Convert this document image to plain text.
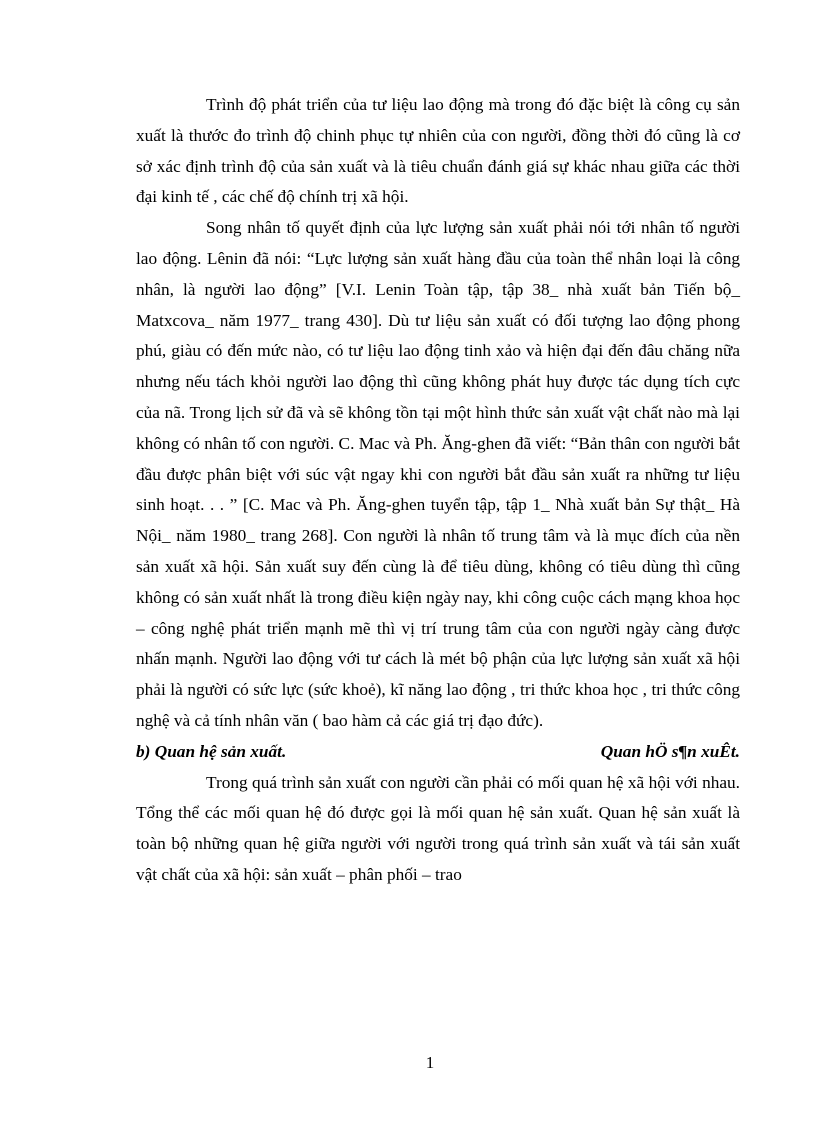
Trình độ phát triển của tư liệu lao động mà trong đó đặc biệt là công cụ sản xuất là thước đo trình độ chinh phục tự nhiên của con người, đồng thời đó cũng là cơ sở xác định trình độ của sản xuất và là tiêu chuẩn đánh giá sự khác nhau giữa các thời đại kinh tế , các chế độ chính trị xã hội.

Song nhân tố quyết định của lực lượng sản xuất phải nói tới nhân tố người lao động. Lênin đã nói: “Lực lượng sản xuất hàng đầu của toàn thể nhân loại là công nhân, là người lao động” [V.I. Lenin Toàn tập, tập 38_ nhà xuất bản Tiến bộ_ Matxcova_ năm 1977_ trang 430]. Dù tư liệu sản xuất có đối tượng lao động phong phú, giàu có đến mức nào, có tư liệu lao động tinh xảo và hiện đại đến đâu chăng nữa nhưng nếu tách khỏi người lao động thì cũng không phát huy được tác dụng tích cực của nã. Trong lịch sử đã và sẽ không tồn tại một hình thức sản xuất vật chất nào mà lại không có nhân tố con người. C. Mac và Ph. Ăng-ghen đã viết: “Bản thân con người bắt đầu được phân biệt với súc vật ngay khi con người bắt đầu sản xuất ra những tư liệu sinh hoạt. . . ” [C. Mac và Ph. Ăng-ghen tuyển tập, tập 1_ Nhà xuất bản Sự thật_ Hà Nội_ năm 1980_ trang 268]. Con người là nhân tố trung tâm và là mục đích của nền sản xuất xã hội. Sản xuất suy đến cùng là để tiêu dùng, không có tiêu dùng thì cũng không có sản xuất nhất là trong điều kiện ngày nay, khi công cuộc cách mạng khoa học – công nghệ phát triển mạnh mẽ thì vị trí trung tâm của con người ngày càng được nhấn mạnh. Người lao động với tư cách là mét bộ phận của lực lượng sản xuất xã hội phải là người có sức lực (sức khoẻ), kĩ năng lao động , tri thức khoa học , tri thức công nghệ và cả tính nhân văn ( bao hàm cả các giá trị đạo đức).

b) Quan hệ sản xuất.	Quan hÖ s¶n xuÊt.

Trong quá trình sản xuất con người cần phải có mối quan hệ xã hội với nhau. Tổng thể các mối quan hệ đó được gọi là mối quan hệ sản xuất. Quan hệ sản xuất là toàn bộ những quan hệ giữa người với người trong quá trình sản xuất và tái sản xuất vật chất của xã hội: sản xuất – phân phối – trao

1
